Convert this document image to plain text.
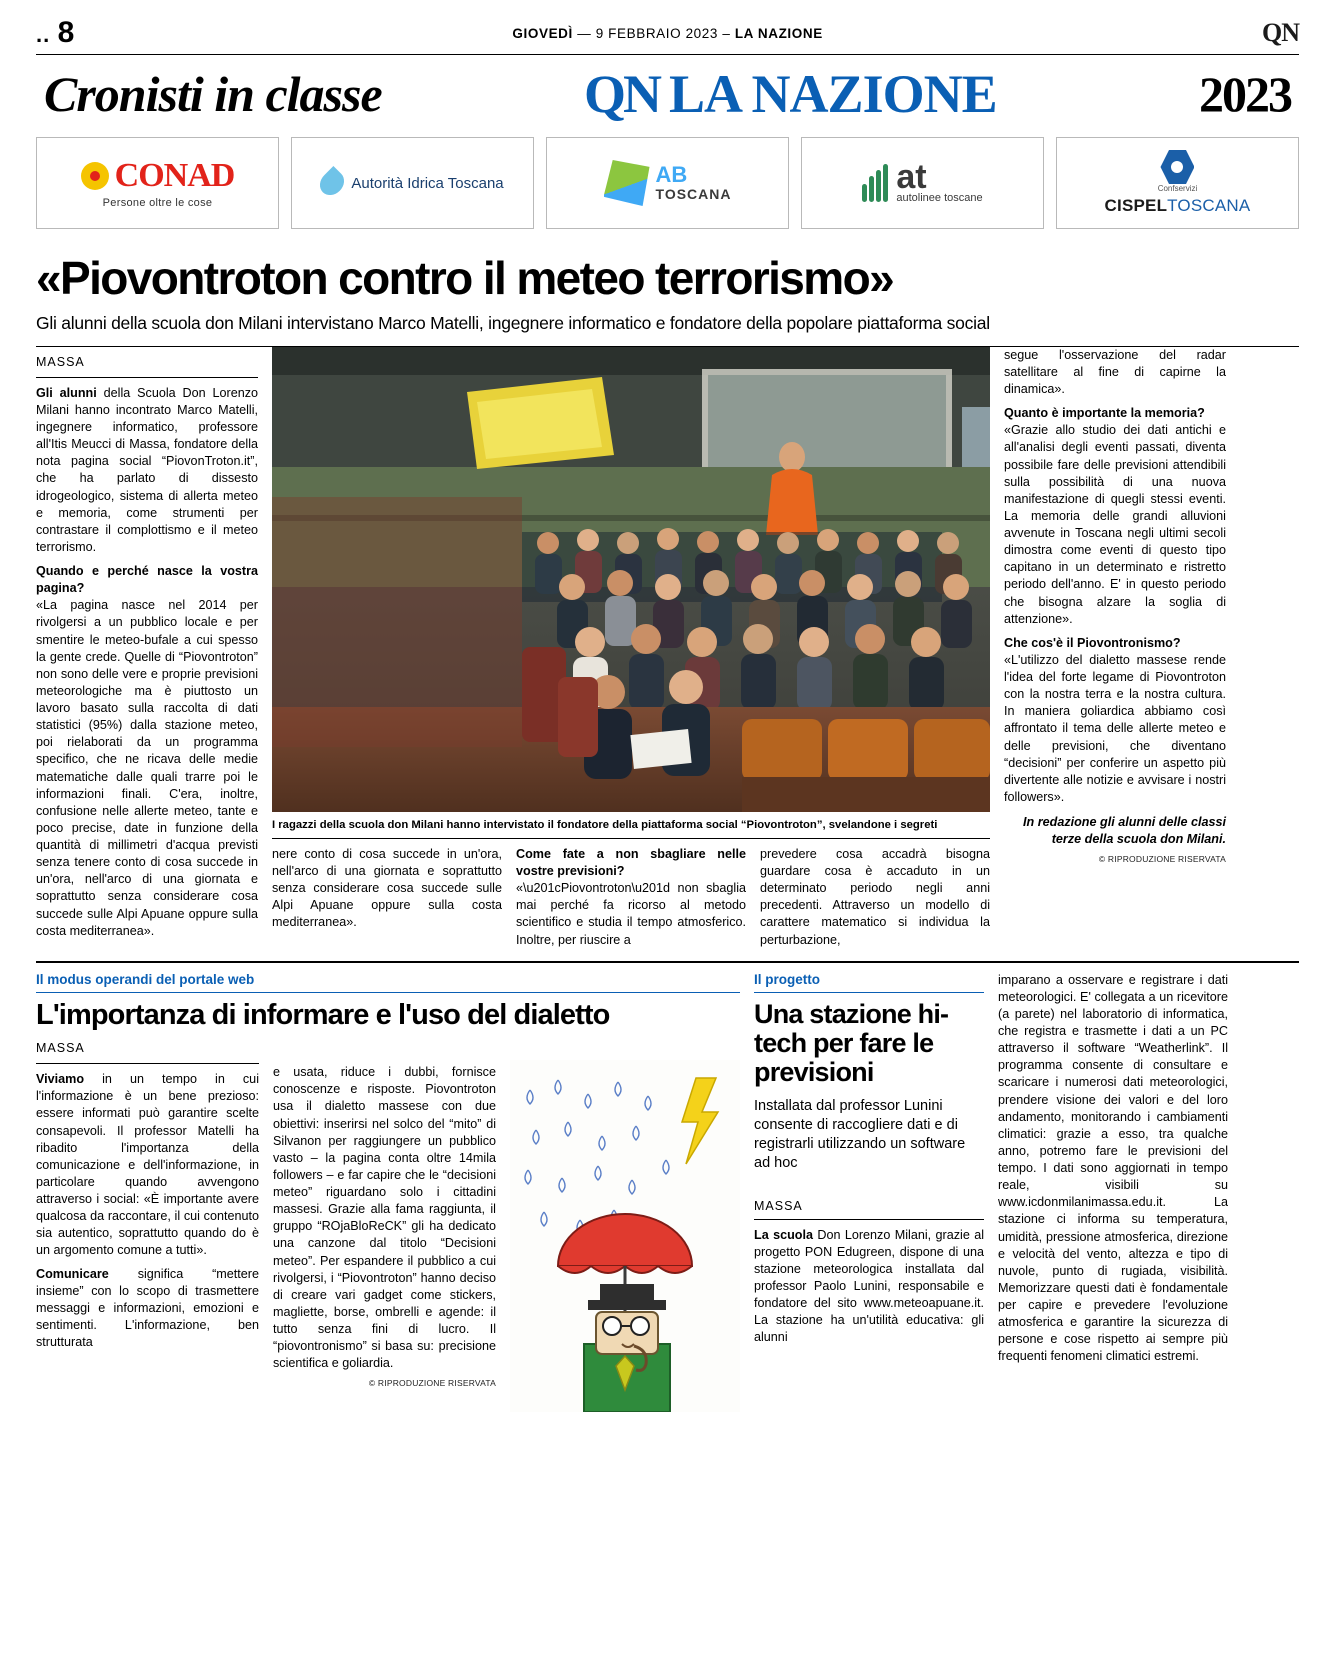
.. 8	GIOVEDÌ — 9 FEBBRAIO 2023 – LA NAZIONE	QN
Cronisti in classe	QN LA NAZIONE	2023
CONAD
Persone oltre le cose
Autorità Idrica Toscana	AB
TOSCANA	at
autolinee toscane
Confservizi
CISPELTOSCANA
«Piovontroton contro il meteo terrorismo»
Gli alunni della scuola don Milani intervistano Marco Matelli, ingegnere informatico e fondatore della popolare piattaforma social
MASSA

Gli alunni della Scuola Don Lorenzo Milani hanno incontrato Marco Matelli, ingegnere informatico, professore all'Itis Meucci di Massa, fondatore della nota pagina social “PiovonTroton.it”, che ha parlato di dissesto idrogeologico, sistema di allerta meteo e memoria, come strumenti per contrastare il complottismo e il meteo terrorismo.

Quando e perché nasce la vostra pagina?

«La pagina nasce nel 2014 per rivolgersi a un pubblico locale e per smentire le meteo-bufale a cui spesso la gente crede. Quelle di “Piovontroton” non sono delle vere e proprie previsioni meteorologiche ma è piuttosto un lavoro basato sulla raccolta di dati statistici (95%) dalla stazione meteo, poi rielaborati da un programma specifico, che ne ricava delle medie matematiche dalle quali trarre poi le informazioni finali. C'era, inoltre, confusione nelle allerte meteo, tante e poco precise, date in funzione della quantità di millimetri d'acqua previsti senza tenere conto di cosa succede in un'ora, nell'arco di una giornata e soprattutto senza considerare cosa succede sulle Alpi Apuane oppure sulla costa mediterranea».

I ragazzi della scuola don Milani hanno intervistato il fondatore della piattaforma social “Piovontroton”, svelandone i segreti

nere conto di cosa succede in un'ora, nell'arco di una giornata e soprattutto senza considerare cosa succede sulle Alpi Apuane oppure sulla costa mediterranea».

Come fate a non sbagliare nelle vostre previsioni?

«\u201cPiovontroton\u201d non sbaglia mai perché fa ricorso al metodo scientifico e studia il tempo atmosferico. Inoltre, per riuscire a

prevedere cosa accadrà bisogna guardare cosa è accaduto in un determinato periodo negli anni precedenti. Attraverso un modello di carattere matematico si individua la perturbazione,

segue l'osservazione del radar satellitare al fine di capirne la dinamica».

Quanto è importante la memoria?

«Grazie allo studio dei dati antichi e all'analisi degli eventi passati, diventa possibile fare delle previsioni attendibili sulla possibilità di una nuova manifestazione di quegli stessi eventi. La memoria delle grandi alluvioni avvenute in Toscana negli ultimi secoli dimostra come eventi di questo tipo capitano in un determinato e ristretto periodo dell'anno. E' in questo periodo che bisogna alzare la soglia di attenzione».

Che cos'è il Piovontronismo?

«L'utilizzo del dialetto massese rende l'idea del forte legame di Piovontroton con la nostra terra e la nostra cultura. In maniera goliardica abbiamo così affrontato il tema delle allerte meteo e delle previsioni, che diventano “decisioni” per conferire un aspetto più divertente alle notizie e avvisare i nostri followers».

In redazione gli alunni delle classi terze della scuola don Milani.
© RIPRODUZIONE RISERVATA
Il modus operandi del portale web
L'importanza di informare e l'uso del dialetto
MASSA

Viviamo in un tempo in cui l'informazione è un bene prezioso: essere informati può garantire scelte consapevoli. Il professor Matelli ha ribadito l'importanza della comunicazione e dell'informazione, in particolare quando avvengono attraverso i social: «È importante avere qualcosa da raccontare, il cui contenuto sia autentico, soprattutto quando do è un argomento comune a tutti».

Comunicare significa “mettere insieme” con lo scopo di trasmettere messaggi e informazioni, emozioni e sentimenti. L'informazione, ben strutturata

e usata, riduce i dubbi, fornisce conoscenze e risposte. Piovontroton usa il dialetto massese con due obiettivi: inserirsi nel solco del “mito” di Silvanon per raggiungere un pubblico vasto – la pagina conta oltre 14mila followers – e far capire che le “decisioni meteo” riguardano solo i cittadini massesi. Grazie alla fama raggiunta, il gruppo “ROjaBloReCK” gli ha dedicato una canzone dal titolo “Decisioni meteo”. Per espandere il pubblico a cui rivolgersi, i “Piovontroton” hanno deciso di creare vari gadget come stickers, magliette, borse, ombrelli e agende: il tutto senza fini di lucro. Il “piovontronismo” si basa su: precisione scientifica e goliardia.

© RIPRODUZIONE RISERVATA
Il progetto
Una stazione hi-tech per fare le previsioni
Installata dal professor Lunini consente di raccogliere dati e di registrarli utilizzando un software ad hoc
MASSA

La scuola Don Lorenzo Milani, grazie al progetto PON Edugreen, dispone di una stazione meteorologica installata dal professor Paolo Lunini, responsabile e fondatore del sito www.meteoapuane.it. La stazione ha un'utilità educativa: gli alunni

imparano a osservare e registrare i dati meteorologici. E' collegata a un ricevitore (a parete) nel laboratorio di informatica, che registra e trasmette i dati a un PC attraverso il software “Weatherlink”. Il programma consente di consultare e scaricare i numerosi dati meteorologici, prendere visione dei valori e del loro andamento, monitorando i cambiamenti climatici: grazie a esso, tra qualche anno, potremo fare le previsioni del tempo. I dati sono aggiornati in tempo reale, visibili su www.icdonmilanimassa.edu.it. La stazione ci informa su temperatura, umidità, pressione atmosferica, direzione e velocità del vento, altezza e tipo di nuvole, punto di rugiada, visibilità. Memorizzare questi dati è fondamentale per capire e prevedere l'evoluzione atmosferica e garantire la sicurezza di persone e cose rispetto ai sempre più frequenti fenomeni climatici estremi.
